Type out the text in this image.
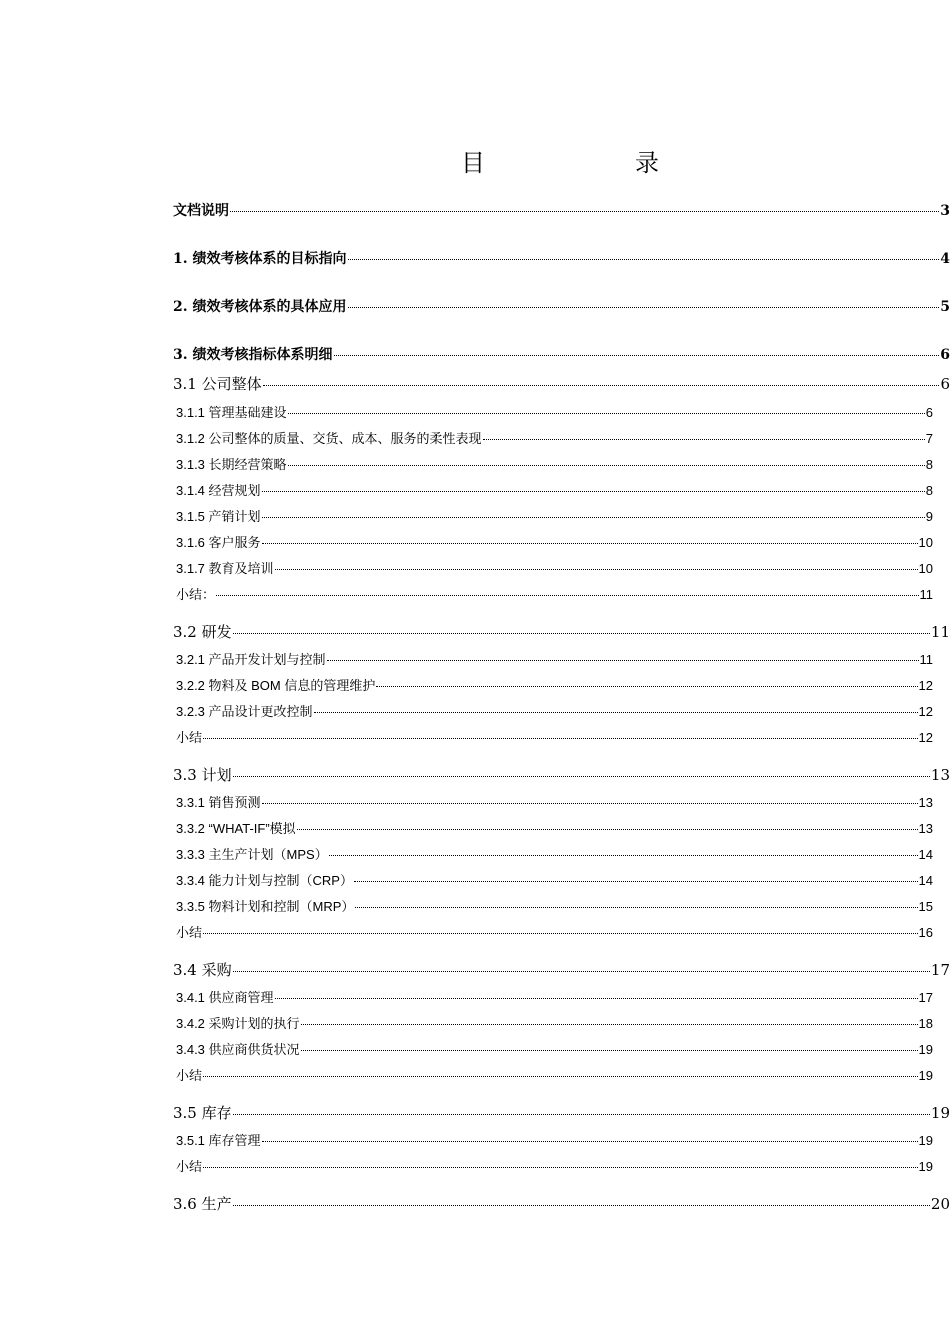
目	录
文档说明	3
1. 绩效考核体系的目标指向	4
2. 绩效考核体系的具体应用	5
3. 绩效考核指标体系明细	6
3.1 公司整体	6
3.1.1 管理基础建设	6
3.1.2 公司整体的质量、交货、成本、服务的柔性表现	7
3.1.3 长期经营策略	8
3.1.4 经营规划	8
3.1.5 产销计划	9
3.1.6 客户服务	10
3.1.7 教育及培训	10
小结：	11
3.2 研发	11
3.2.1 产品开发计划与控制	11
3.2.2 物料及 BOM 信息的管理维护	12
3.2.3 产品设计更改控制	12
小结	12
3.3 计划	13
3.3.1 销售预测	13
3.3.2 “WHAT-IF”模拟	13
3.3.3 主生产计划（MPS）	14
3.3.4 能力计划与控制（CRP）	14
3.3.5 物料计划和控制（MRP）	15
小结	16
3.4 采购	17
3.4.1 供应商管理	17
3.4.2 采购计划的执行	18
3.4.3 供应商供货状况	19
小结	19
3.5 库存	19
3.5.1 库存管理	19
小结	19
3.6 生产	20
